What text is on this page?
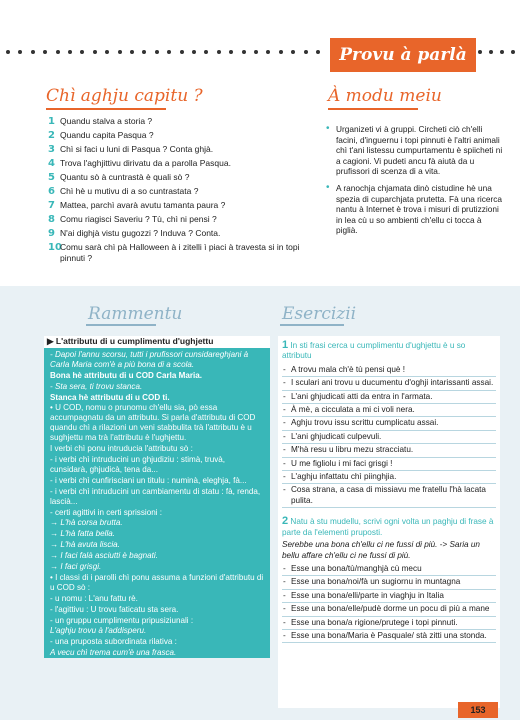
Provu à parlà
Chì aghju capitu ?
1 Quandu stalva a storia ?
2 Quandu capita Pasqua ?
3 Chì si faci u luni di Pasqua ? Conta ghjà.
4 Trova l'aghjittivu dirivatu da a parolla Pasqua.
5 Quantu sò à cuntrastà è quali sò ?
6 Chì hè u mutivu di a so cuntrastata ?
7 Mattea, parchì avarà avutu tamanta paura ?
8 Comu riagisci Saveriu ? Tù, chì ni pensi ?
9 N'ai dighjà vistu gugozzi ? Induva ? Conta.
10
Comu sarà chì pà Halloween à i zitelli ì piaci à travesta si in topi pinnuti ?
À modu meiu
• Urganizeti vi à gruppi. Circheti ciò ch'elli facini, d'inguernu i topi pinnuti è l'altri animali chì t'ani listessu cumpurtamentu è spiicheti ni a cagioni. Vi pudeti ancu fà aiutà da u prufissori di scenza di a vita.
• A ranochja chjamata dinò cistudine hè una spezia di cuparchjata prutetta. Fà una ricerca nantu à Internet è trova i misuri di prutizzioni in lea cù u so ambienti ch'ellu ci tocca à piglià.
Rammentu	Esercizii
▶ L'attributu di u cumplimentu d'ughjettu
- Dapoi l'annu scorsu, tutti i prufissori cunsidareghjani à Carla Maria com'è a più bona di a scola.
Bona hè attributu di u COD Carla Maria.
- Sta sera, ti trovu stanca.
Stanca hè attributu di u COD ti.
• U COD, nomu o prunomu ch'ellu sia, pò essa accumpagnatu da un attributu. Si parla d'attributu di COD quandu chì a rilazioni un veni stabbulita trà l'attributu è u sughjettu ma trà l'attributu è l'ughjettu.
I verbi chì ponu intruducia l'attributu sò :
- i verbi chì intruducini un ghjudiziu : stimà, truvà, cunsidarà, ghjudicà, tena da...
- i verbi chì cunfirisciani un titulu : numinà, eleghja, fà...
- i verbi chì intruducini un cambiamentu di statu : fà, renda, lascià...
- certi agittivi in certi sprissioni :
→ L'hà corsa brutta.
→ L'hà fatta bella.
→ L'hà avuta liscia.
→ I faci falà asciutti è bagnati.
→ I faci grisgi.
• I classi di i parolli chì ponu assuma a funzioni d'attributu di u COD sò :
- u nomu : L'anu fattu rè.
- l'agittivu : U trovu faticatu sta sera.
- un gruppu cumplimentu pripusiziunali :
L'aghju trovu à l'addisperu.
- una pruposta subordinata rilativa :
A vecu chì trema cum'è una frasca.
1 In sti frasi cerca u cumplimentu d'ughjettu è u so attributu
- A trovu mala ch'è tù pensi què !
- I sculari ani trovu u ducumentu d'oghji intarissanti assai.
- L'ani ghjudicati atti da entra in l'armata.
- À mè, a cicculata a mi ci voli nera.
- Aghju trovu issu scrittu cumplicatu assai.
- L'ani ghjudicati culpevuli.
- M'hà resu u libru mezu stracciatu.
- U me figliolu i mi faci grisgi !
- L'aghju infattatu chì piinghjia.
- Cosa strana, a casa di missiavu me fratellu l'hà lacata pulita.
2 Natu à stu mudellu, scrivi ogni volta un paghju di frase à parte da l'elementi pruposti.
Serebbe una bona ch'ellu ci ne fussi di più. -> Saria un bellu affare ch'ellu ci ne fussi di più.
- Esse una bona/tù/manghjà cù mecu
- Esse una bona/noi/fà un sugiornu in muntagna
- Esse una bona/elli/parte in viaghju in Italia
- Esse una bona/elle/pudè dorme un pocu di più a mane
- Esse una bona/a rigione/prutege i topi pinnuti.
- Esse una bona/Maria è Pasquale/ stà zitti una stonda.
153
